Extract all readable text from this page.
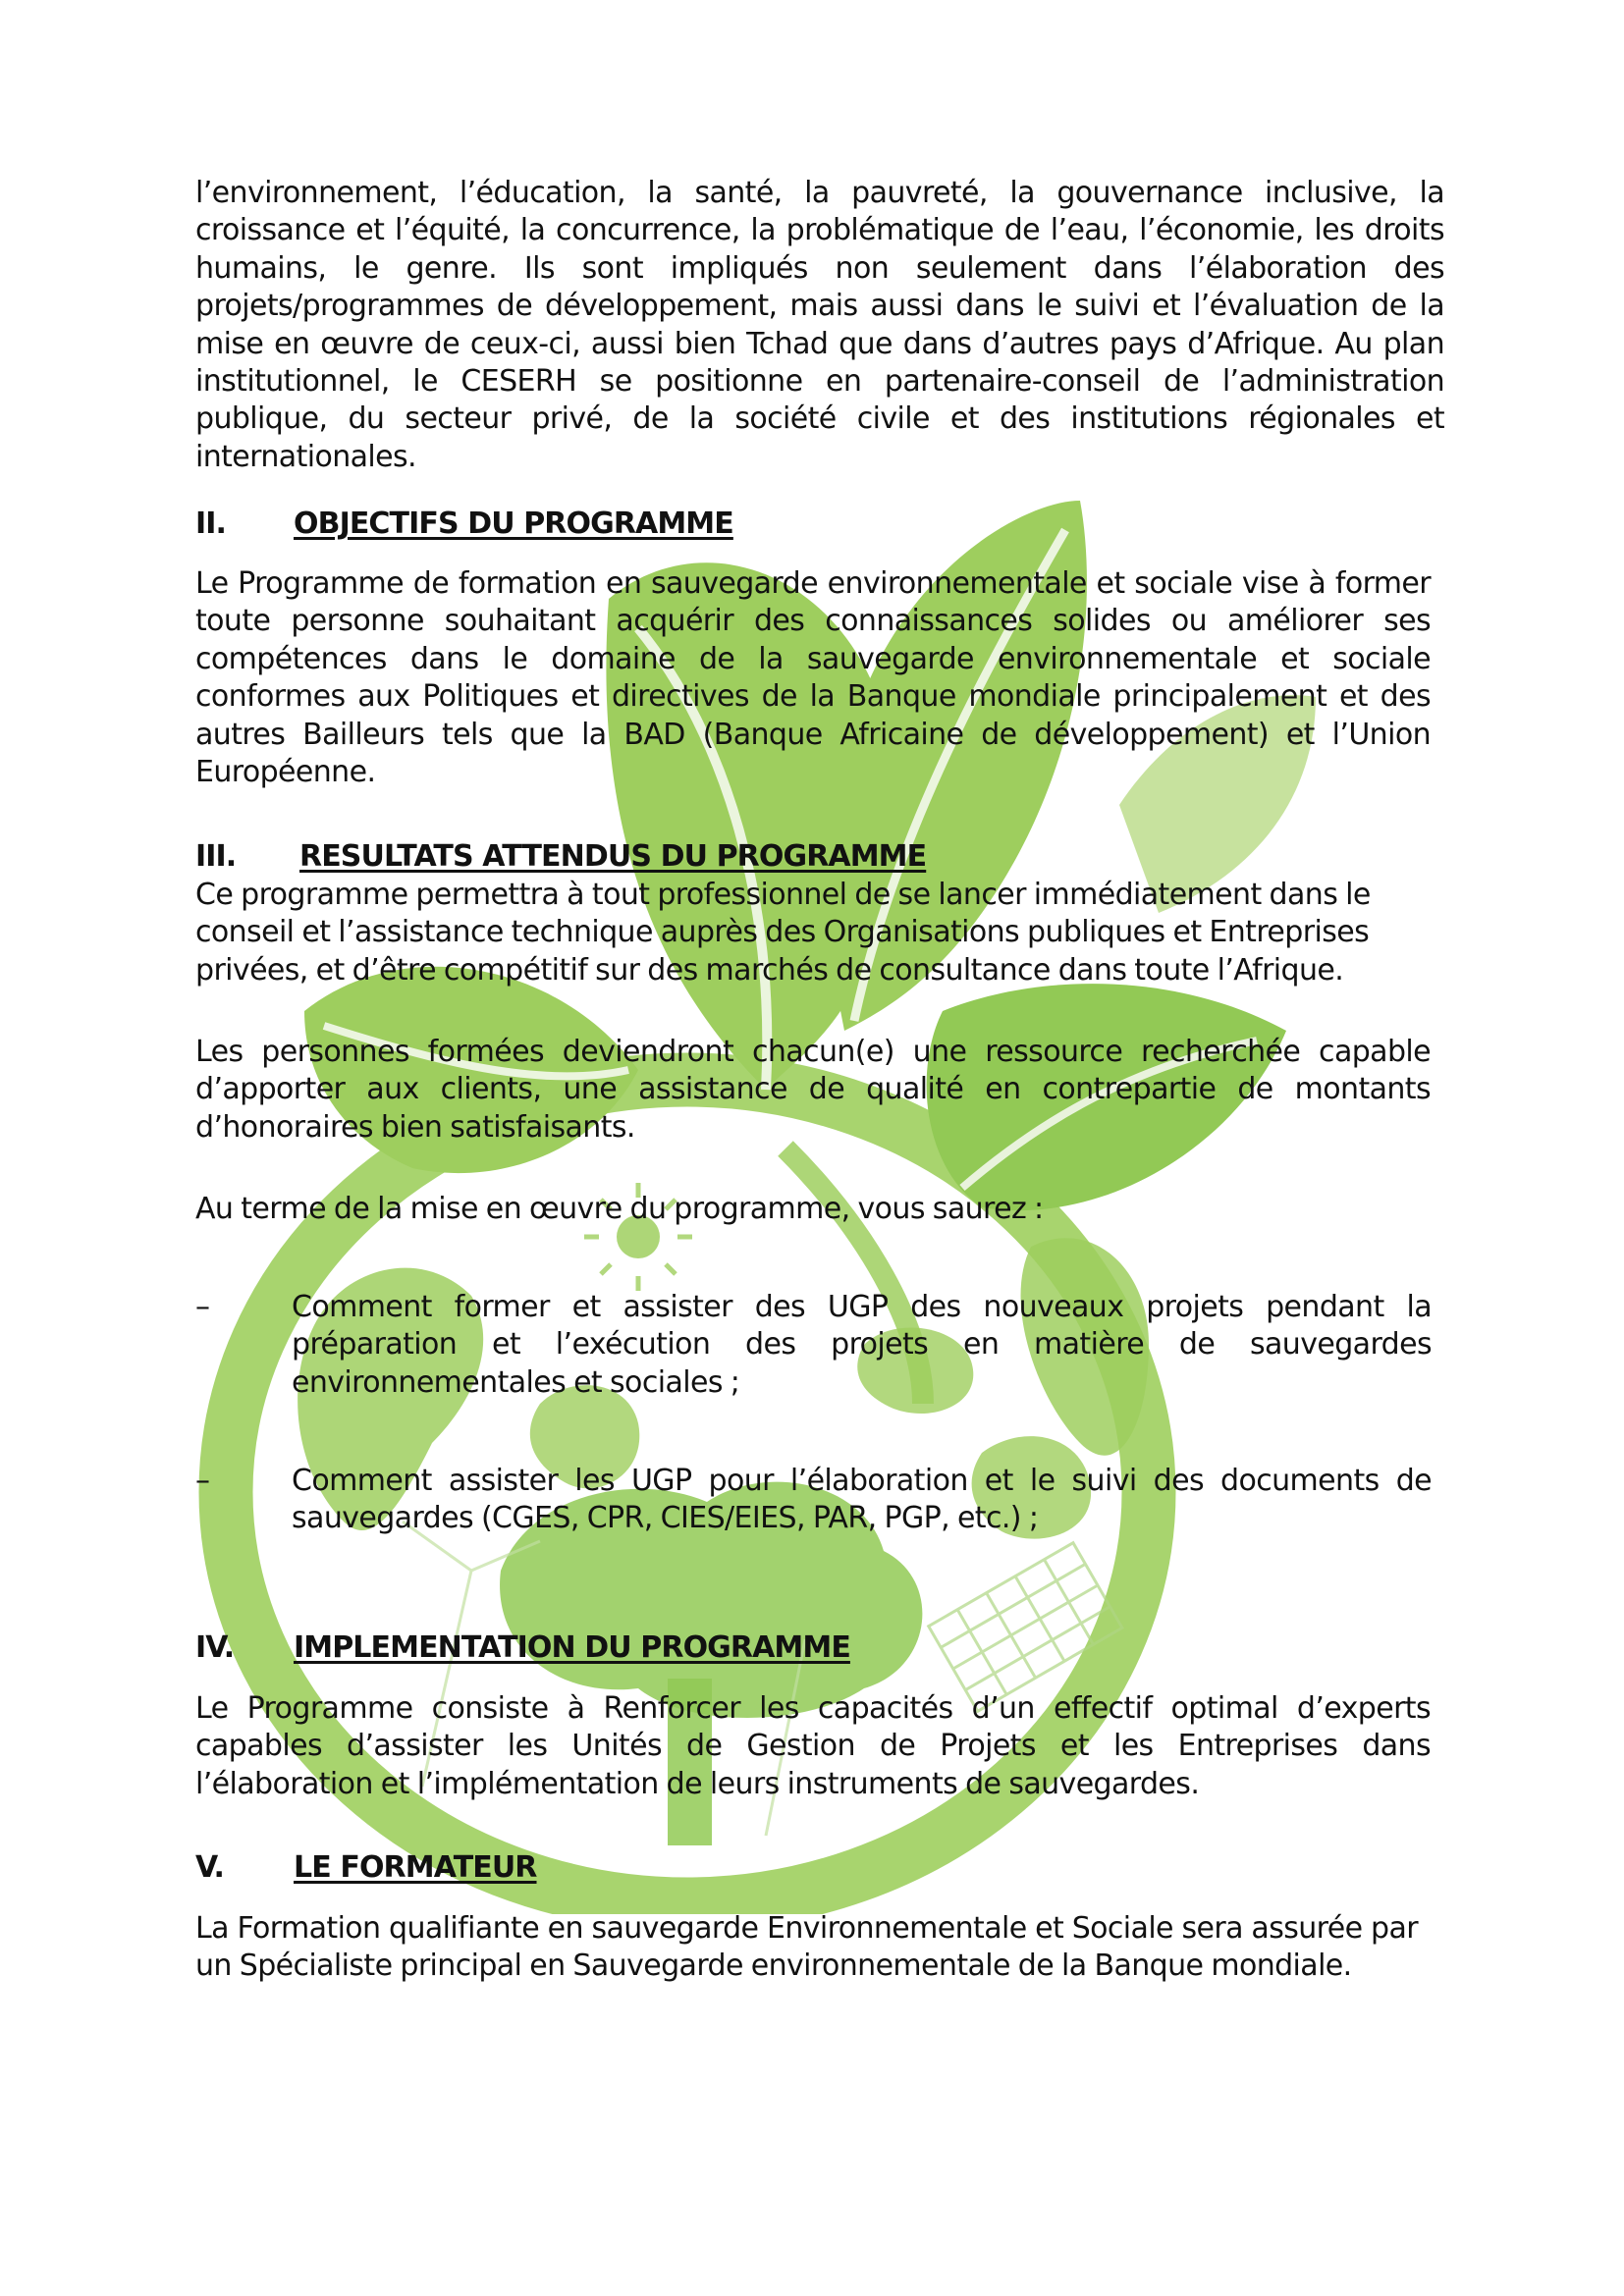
l’environnement, l’éducation, la santé, la pauvreté, la gouvernance inclusive, la croissance et l’équité, la concurrence, la problématique de l’eau, l’économie, les droits humains, le genre. Ils sont impliqués non seulement dans l’élaboration des projets/programmes de développement, mais aussi dans le suivi et l’évaluation de la mise en œuvre de ceux-ci, aussi bien Tchad que dans d’autres pays d’Afrique. Au plan institutionnel, le CESERH se positionne en partenaire-conseil de l’administration publique, du secteur privé, de la société civile et des institutions régionales et internationales.

II. OBJECTIFS DU PROGRAMME

Le Programme de formation en sauvegarde environnementale et sociale vise à former toute personne souhaitant acquérir des connaissances solides ou améliorer ses compétences dans le domaine de la sauvegarde environnementale et sociale conformes aux Politiques et directives de la Banque mondiale principalement et des autres Bailleurs tels que la BAD (Banque Africaine de développement) et l’Union Européenne.

III. RESULTATS ATTENDUS DU PROGRAMME

Ce programme permettra à tout professionnel de se lancer immédiatement dans le conseil et l’assistance technique auprès des Organisations publiques et Entreprises privées, et d’être compétitif sur des marchés de consultance dans toute l’Afrique.

Les personnes formées deviendront chacun(e) une ressource recherchée capable d’apporter aux clients, une assistance de qualité en contrepartie de montants d’honoraires bien satisfaisants.

Au terme de la mise en œuvre du programme, vous saurez :

–	Comment former et assister des UGP des nouveaux projets pendant la préparation et l’exécution des projets en matière de sauvegardes environnementales et sociales ;
–	Comment assister les UGP pour l’élaboration et le suivi des documents de sauvegardes (CGES, CPR, CIES/EIES, PAR, PGP, etc.) ;
IV. IMPLEMENTATION DU PROGRAMME

Le Programme consiste à Renforcer les capacités d’un effectif optimal d’experts capables d’assister les Unités de Gestion de Projets et les Entreprises dans l’élaboration et l’implémentation de leurs instruments de sauvegardes.

V. LE FORMATEUR

La Formation qualifiante en sauvegarde Environnementale et Sociale sera assurée par un Spécialiste principal en Sauvegarde environnementale de la Banque mondiale.
